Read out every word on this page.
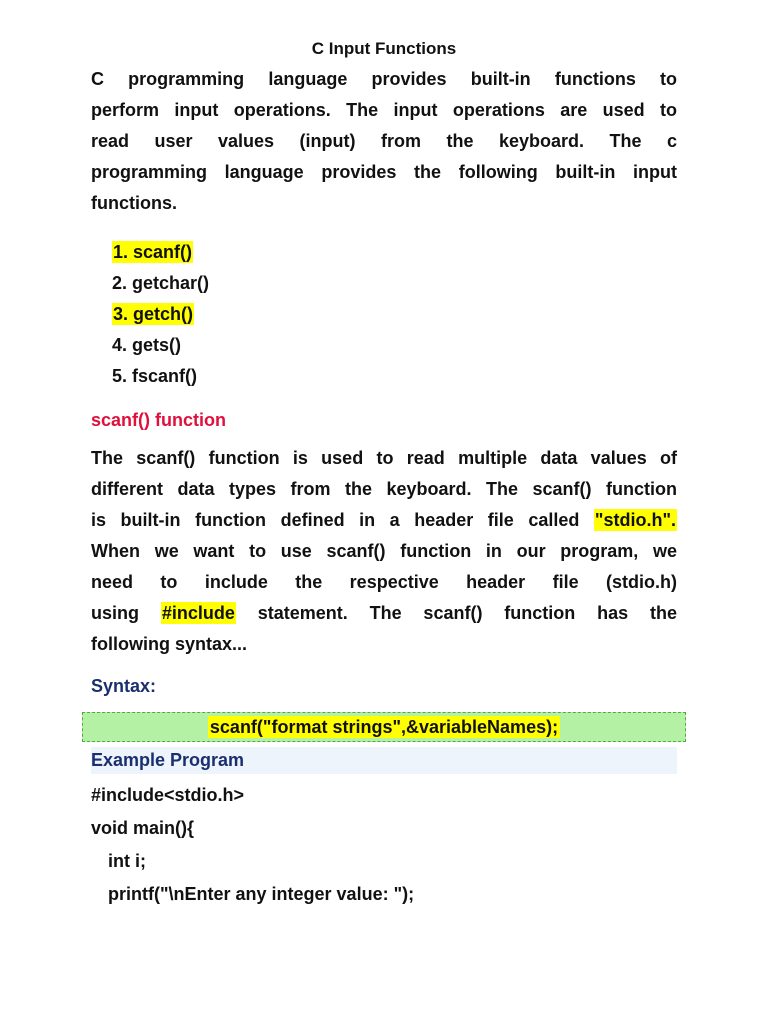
C Input Functions
C programming language provides built-in functions to
perform input operations. The input operations are used to
read user values (input) from the keyboard. The c
programming language provides the following built-in input
functions.
1. scanf()
2. getchar()
3. getch()
4. gets()
5. fscanf()
scanf() function
The scanf() function is used to read multiple data values of
different data types from the keyboard. The scanf() function
is built-in function defined in a header file called "stdio.h".
When we want to use scanf() function in our program, we
need to include the respective header file (stdio.h)
using #include statement. The scanf() function has the
following syntax...
Syntax:
scanf("format strings",&variableNames);
Example Program
#include<stdio.h>
void main(){
int i;
printf("\nEnter any integer value: ");
